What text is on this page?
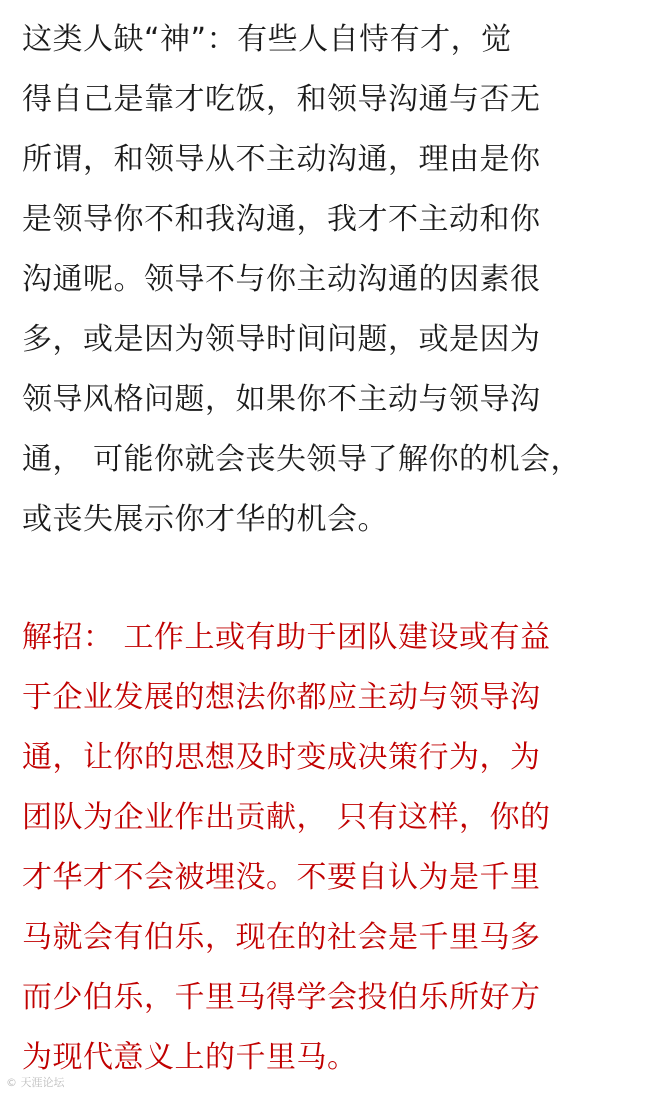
这类人缺“神”：有些人自恃有才，觉
得自己是靠才吃饭，和领导沟通与否无
所谓，和领导从不主动沟通，理由是你
是领导你不和我沟通，我才不主动和你
沟通呢。领导不与你主动沟通的因素很
多，或是因为领导时间问题，或是因为
领导风格问题，如果你不主动与领导沟
通， 可能你就会丧失领导了解你的机会，
或丧失展示你才华的机会。
解招： 工作上或有助于团队建设或有益
于企业发展的想法你都应主动与领导沟
通，让你的思想及时变成决策行为，为
团队为企业作出贡献， 只有这样，你的
才华才不会被埋没。不要自认为是千里
马就会有伯乐，现在的社会是千里马多
而少伯乐，千里马得学会投伯乐所好方
为现代意义上的千里马。
© 天涯论坛
